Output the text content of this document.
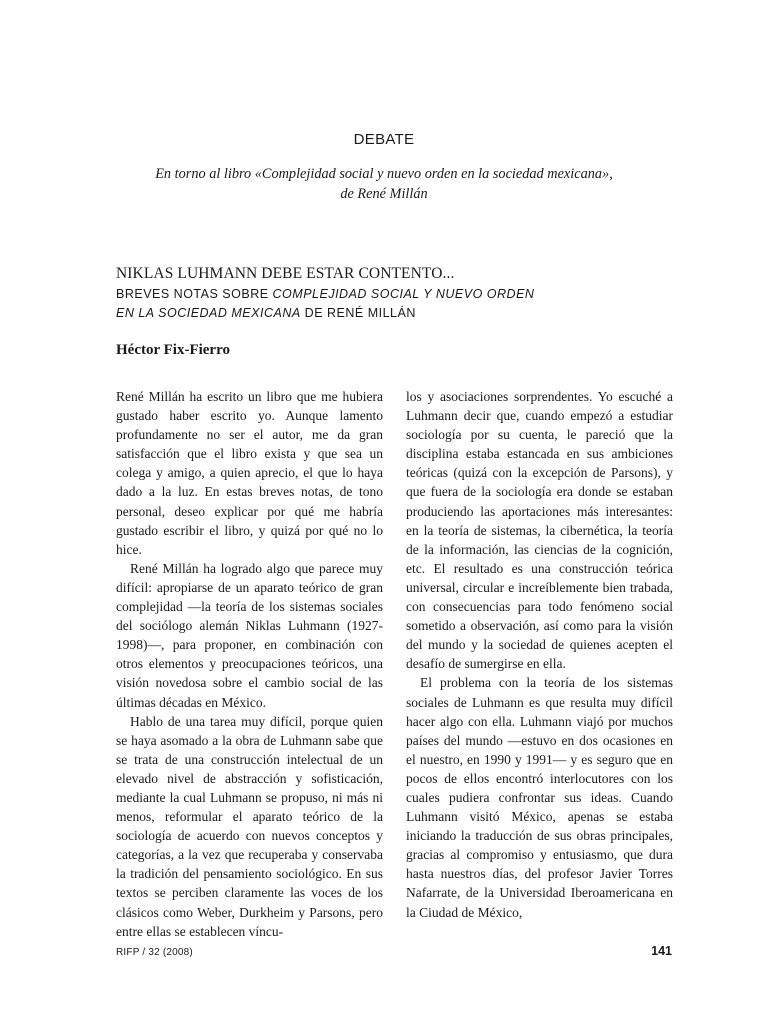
DEBATE
En torno al libro «Complejidad social y nuevo orden en la sociedad mexicana»,
de René Millán
NIKLAS LUHMANN DEBE ESTAR CONTENTO...
BREVES NOTAS SOBRE COMPLEJIDAD SOCIAL Y NUEVO ORDEN
EN LA SOCIEDAD MEXICANA DE RENÉ MILLÁN
Héctor Fix-Fierro

René Millán ha escrito un libro que me hubiera gustado haber escrito yo. Aunque lamento profundamente no ser el autor, me da gran satisfacción que el libro exista y que sea un colega y amigo, a quien aprecio, el que lo haya dado a la luz. En estas breves notas, de tono personal, deseo explicar por qué me habría gustado escribir el libro, y quizá por qué no lo hice.

René Millán ha logrado algo que parece muy difícil: apropiarse de un aparato teórico de gran complejidad —la teoría de los sistemas sociales del sociólogo alemán Niklas Luhmann (1927-1998)—, para proponer, en combinación con otros elementos y preocupaciones teóricos, una visión novedosa sobre el cambio social de las últimas décadas en México.

Hablo de una tarea muy difícil, porque quien se haya asomado a la obra de Luhmann sabe que se trata de una construcción intelectual de un elevado nivel de abstracción y sofisticación, mediante la cual Luhmann se propuso, ni más ni menos, reformular el aparato teórico de la sociología de acuerdo con nuevos conceptos y categorías, a la vez que recuperaba y conservaba la tradición del pensamiento sociológico. En sus textos se perciben claramente las voces de los clásicos como Weber, Durkheim y Parsons, pero entre ellas se establecen víncu-

los y asociaciones sorprendentes. Yo escuché a Luhmann decir que, cuando empezó a estudiar sociología por su cuenta, le pareció que la disciplina estaba estancada en sus ambiciones teóricas (quizá con la excepción de Parsons), y que fuera de la sociología era donde se estaban produciendo las aportaciones más interesantes: en la teoría de sistemas, la cibernética, la teoría de la información, las ciencias de la cognición, etc. El resultado es una construcción teórica universal, circular e increíblemente bien trabada, con consecuencias para todo fenómeno social sometido a observación, así como para la visión del mundo y la sociedad de quienes acepten el desafío de sumergirse en ella.

El problema con la teoría de los sistemas sociales de Luhmann es que resulta muy difícil hacer algo con ella. Luhmann viajó por muchos países del mundo —estuvo en dos ocasiones en el nuestro, en 1990 y 1991— y es seguro que en pocos de ellos encontró interlocutores con los cuales pudiera confrontar sus ideas. Cuando Luhmann visitó México, apenas se estaba iniciando la traducción de sus obras principales, gracias al compromiso y entusiasmo, que dura hasta nuestros días, del profesor Javier Torres Nafarrate, de la Universidad Iberoamericana en la Ciudad de México,

RIFP / 32 (2008)	141
